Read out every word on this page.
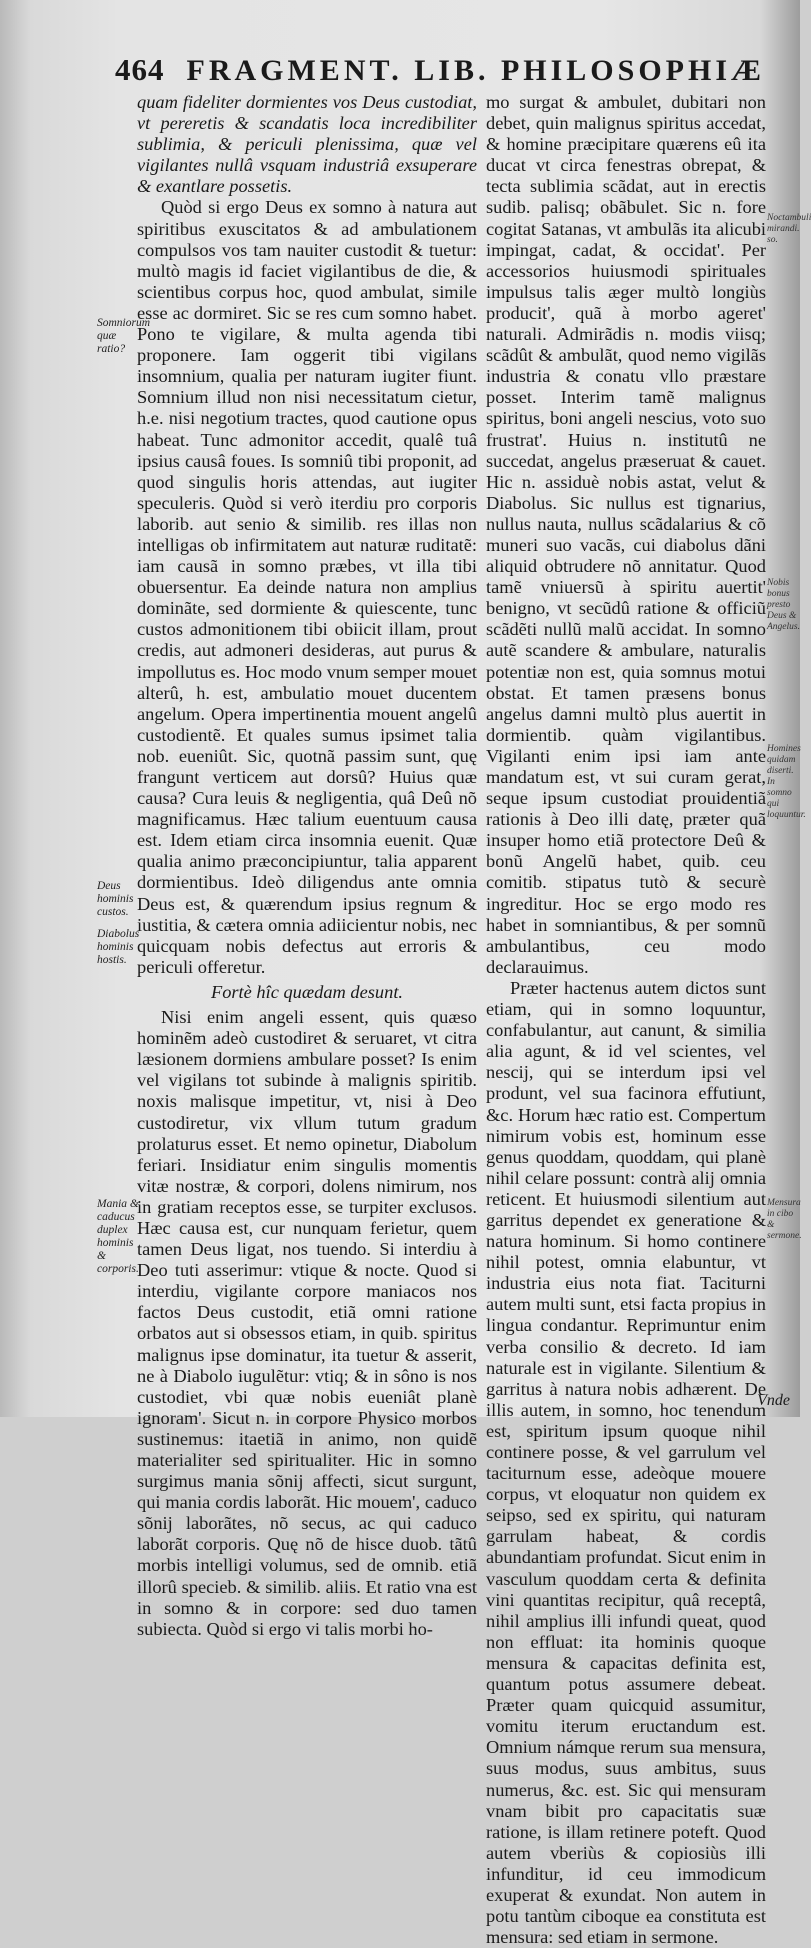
464 FRAGMENT. LIB. PHILOSOPHIÆ

quam fideliter dormientes vos Deus custodiat, vt pereretis & scandatis loca incredibiliter sublimia, & periculi plenissima, quæ vel vigilantes nullâ vsquam industriâ exsuperare & exantlare possetis.

Quòd si ergo Deus ex somno à natura aut spiritibus exuscitatos & ad ambulationem compulsos vos tam nauiter custodit & tuetur: multò magis id faciet vigilantibus de die, & scientibus corpus hoc, quod ambulat, simile esse ac dormiret. Sic se res cum somno habet. Pono te vigilare, & multa agenda tibi proponere. Iam oggerit tibi vigilans insomnium, qualia per naturam iugiter fiunt. Somnium illud non nisi necessitatum cietur, h.e. nisi negotium tractes, quod cautione opus habeat. Tunc admonitor accedit, qualê tuâ ipsius causâ foues. Is somniû tibi proponit, ad quod singulis horis attendas, aut iugiter speculeris. Quòd si verò iterdiu pro corporis laborib. aut senio & similib. res illas non intelligas ob infirmitatem aut naturæ ruditatẽ: iam causã in somno præbes, vt illa tibi obuersentur. Ea deinde natura non amplius dominãte, sed dormiente & quiescente, tunc custos admonitionem tibi obiicit illam, prout credis, aut admoneri desideras, aut purus & impollutus es. Hoc modo vnum semper mouet alterû, h. est, ambulatio mouet ducentem angelum. Opera impertinentia mouent angelû custodientẽ. Et quales sumus ipsimet talia nob. eueniût. Sic, quotnã passim sunt, quę frangunt verticem aut dorsû? Huius quæ causa? Cura leuis & negligentia, quâ Deû nõ magnificamus. Hæc talium euentuum causa est. Idem etiam circa insomnia euenit. Quæ qualia animo præconcipiuntur, talia apparent dormientibus. Ideò diligendus ante omnia Deus est, & quærendum ipsius regnum & iustitia, & cætera omnia adiicientur nobis, nec quicquam nobis defectus aut erroris & periculi offeretur.

Fortè hîc quædam desunt.

Nisi enim angeli essent, quis quæso hominẽm adeò custodiret & seruaret, vt citra læsionem dormiens ambulare posset? Is enim vel vigilans tot subinde à malignis spiritib. noxis malisque impetitur, vt, nisi à Deo custodiretur, vix vllum tutum gradum prolaturus esset. Et nemo opinetur, Diabolum feriari. Insidiatur enim singulis momentis vitæ nostræ, & corpori, dolens nimirum, nos in gratiam receptos esse, se turpiter exclusos. Hæc causa est, cur nunquam ferietur, quem tamen Deus ligat, nos tuendo. Si interdiu à Deo tuti asserimur: vtique & nocte. Quod si interdiu, vigilante corpore maniacos nos factos Deus custodit, etiã omni ratione orbatos aut si obsessos etiam, in quib. spiritus malignus ipse dominatur, ita tuetur & asserit, ne à Diabolo iugulẽtur: vtiq; & in sôno is nos custodiet, vbi quæ nobis eueniât planè ignoram'. Sicut n. in corpore Physico morbos sustinemus: itaetiã in animo, non quidẽ materialiter sed spiritualiter. Hic in somno surgimus mania sõnij affecti, sicut surgunt, qui mania cordis laborãt. Hic mouem', caduco sõnij laborãtes, nõ secus, ac qui caduco laborãt corporis. Quę nõ de hisce duob. tãtû morbis intelligi volumus, sed de omnib. etiã illorû specieb. & similib. aliis. Et ratio vna est in somno & in corpore: sed duo tamen subiecta. Quòd si ergo vi talis morbi ho-

mo surgat & ambulet, dubitari non debet, quin malignus spiritus accedat, & homine præcipitare quærens eû ita ducat vt circa fenestras obrepat, & tecta sublimia scãdat, aut in erectis sudib. palisq; obãbulet. Sic n. fore cogitat Satanas, vt ambulãs ita alicubi impingat, cadat, & occidat'. Per accessorios huiusmodi spirituales impulsus talis æger multò longiùs producit', quã à morbo ageret' naturali. Admirãdis n. modis viisq; scãdût & ambulãt, quod nemo vigilãs industria & conatu vllo præstare posset. Interim tamẽ malignus spiritus, boni angeli nescius, voto suo frustrat'. Huius n. institutû ne succedat, angelus præseruat & cauet. Hic n. assiduè nobis astat, velut & Diabolus. Sic nullus est tignarius, nullus nauta, nullus scãdalarius & cõ muneri suo vacãs, cui diabolus dãni aliquid obtrudere nõ annitatur. Quod tamẽ vniuersũ à spiritu auertit' benigno, vt secũdû ratione & officiũ scãdẽti nullũ malũ accidat. In somno autẽ scandere & ambulare, naturalis potentiæ non est, quia somnus motui obstat. Et tamen præsens bonus angelus damni multò plus auertit in dormientib. quàm vigilantibus. Vigilanti enim ipsi iam ante mandatum est, vt sui curam gerat, seque ipsum custodiat prouidentiã rationis à Deo illi datę, præter quã insuper homo etiã protectore Deû & bonũ Angelũ habet, quib. ceu comitib. stipatus tutò & securè ingreditur. Hoc se ergo modo res habet in somniantibus, & per somnũ ambulantibus, ceu modo declarauimus.

Præter hactenus autem dictos sunt etiam, qui in somno loquuntur, confabulantur, aut canunt, & similia alia agunt, & id vel scientes, vel nescij, qui se interdum ipsi vel produnt, vel sua facinora effutiunt, &c. Horum hæc ratio est. Compertum nimirum vobis est, hominum esse genus quoddam, quoddam, qui planè nihil celare possunt: contrà alij omnia reticent. Et huiusmodi silentium aut garritus dependet ex generatione & natura hominum. Si homo continere nihil potest, omnia elabuntur, vt industria eius nota fiat. Taciturni autem multi sunt, etsi facta propius in lingua condantur. Reprimuntur enim verba consilio & decreto. Id iam naturale est in vigilante. Silentium & garritus à natura nobis adhærent. De illis autem, in somno, hoc tenendum est, spiritum ipsum quoque nihil continere posse, & vel garrulum vel taciturnum esse, adeòque mouere corpus, vt eloquatur non quidem ex seipso, sed ex spiritu, qui naturam garrulam habeat, & cordis abundantiam profundat. Sicut enim in vasculum quoddam certa & definita vini quantitas recipitur, quâ receptâ, nihil amplius illi infundi queat, quod non effluat: ita hominis quoque mensura & capacitas definita est, quantum potus assumere debeat. Præter quam quicquid assumitur, vomitu iterum eructandum est. Omnium námque rerum sua mensura, suus modus, suus ambitus, suus numerus, &c. est. Sic qui mensuram vnam bibit pro capacitatis suæ ratione, is illam retinere poteft. Quod autem vberiùs & copiosiùs illi infunditur, id ceu immodicum exuperat & exundat. Non autem in potu tantùm ciboque ea constituta est mensura: sed etiam in sermone.

Somniorum quæ ratio?
Deus hominis custos.
Diabolus hominis hostis.
Mania & caducus duplex hominis & corporis.
Noctambuli mirandi. so.
Nobis bonus presto Deus & Angelus.
Homines quidam diserti. In somno qui loquuntur.
Mensura in cibo & sermone.
Vnde
